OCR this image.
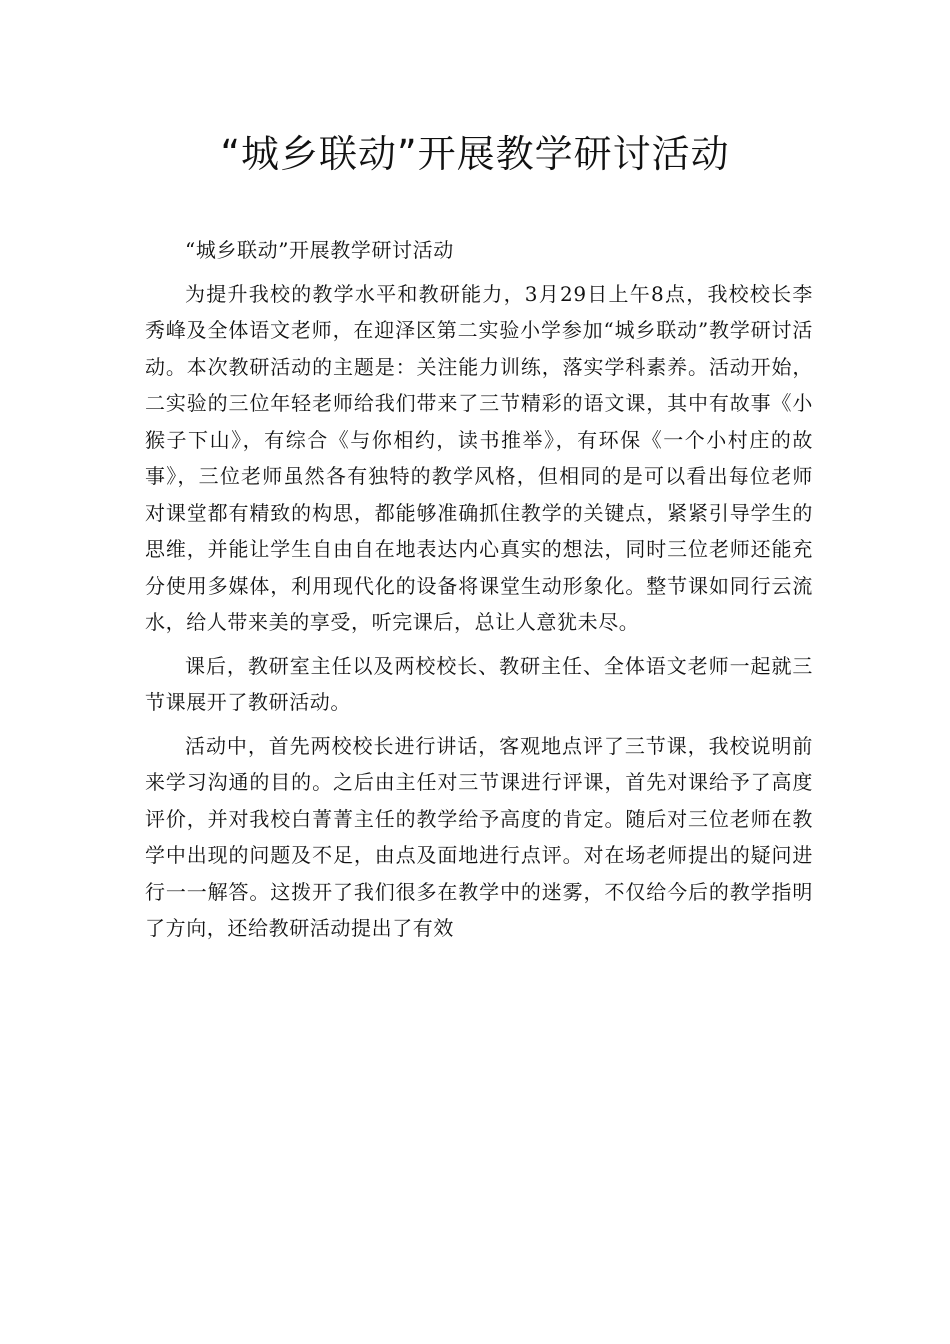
“城乡联动”开展教学研讨活动

“城乡联动”开展教学研讨活动

为提升我校的教学水平和教研能力，3月29日上午8点，我校校长李秀峰及全体语文老师，在迎泽区第二实验小学参加“城乡联动”教学研讨活动。本次教研活动的主题是：关注能力训练，落实学科素养。活动开始，二实验的三位年轻老师给我们带来了三节精彩的语文课，其中有故事《小猴子下山》，有综合《与你相约，读书推举》，有环保《一个小村庄的故事》，三位老师虽然各有独特的教学风格，但相同的是可以看出每位老师对课堂都有精致的构思，都能够准确抓住教学的关键点，紧紧引导学生的思维，并能让学生自由自在地表达内心真实的想法，同时三位老师还能充分使用多媒体，利用现代化的设备将课堂生动形象化。整节课如同行云流水，给人带来美的享受，听完课后，总让人意犹未尽。

课后，教研室主任以及两校校长、教研主任、全体语文老师一起就三节课展开了教研活动。

活动中，首先两校校长进行讲话，客观地点评了三节课，我校说明前来学习沟通的目的。之后由主任对三节课进行评课，首先对课给予了高度评价，并对我校白菁菁主任的教学给予高度的肯定。随后对三位老师在教学中出现的问题及不足，由点及面地进行点评。对在场老师提出的疑问进行一一解答。这拨开了我们很多在教学中的迷雾，不仅给今后的教学指明了方向，还给教研活动提出了有效
